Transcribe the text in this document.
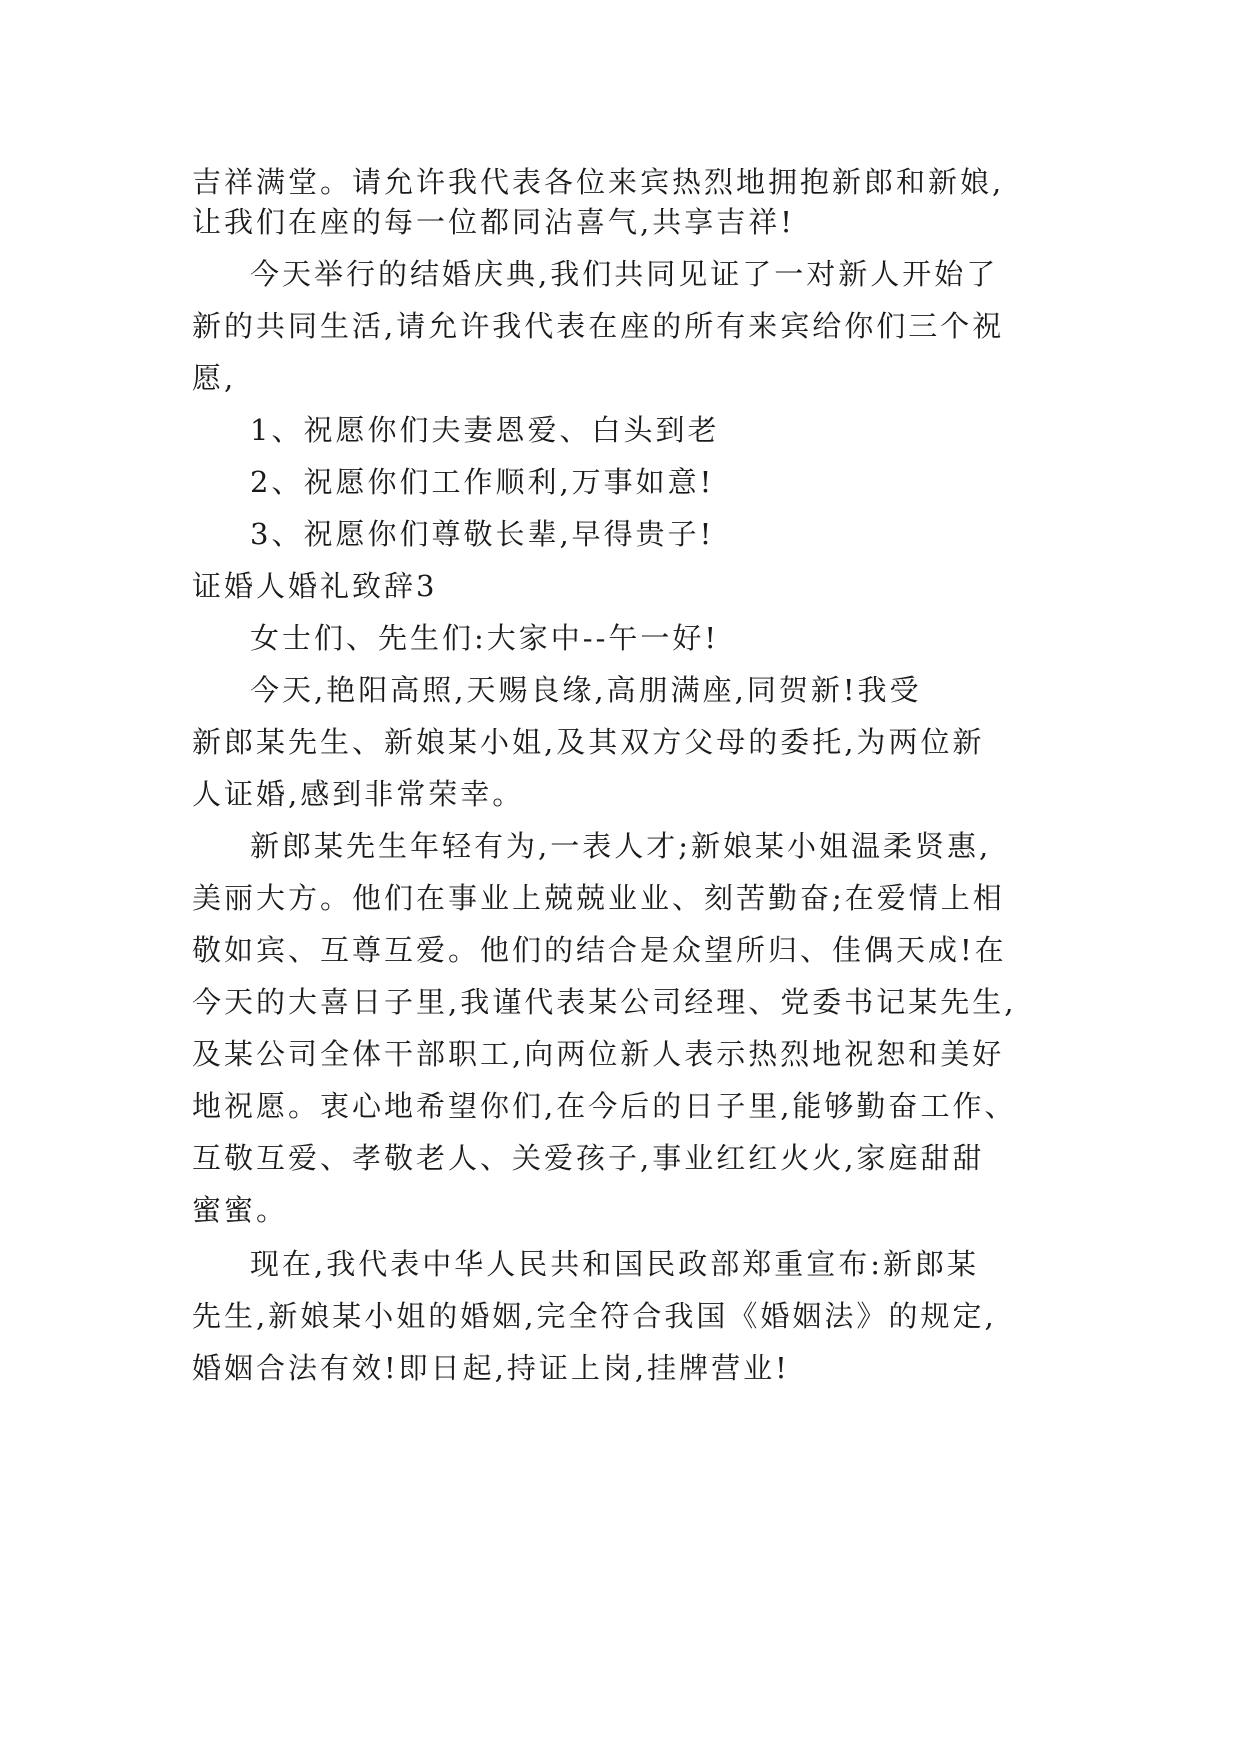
吉祥满堂。请允许我代表各位来宾热烈地拥抱新郎和新娘,
让我们在座的每一位都同沾喜气,共享吉祥!
今天举行的结婚庆典,我们共同见证了一对新人开始了
新的共同生活,请允许我代表在座的所有来宾给你们三个祝
愿,
1、祝愿你们夫妻恩爱、白头到老
2、祝愿你们工作顺利,万事如意!
3、祝愿你们尊敬长辈,早得贵子!
证婚人婚礼致辞3
女士们、先生们:大家中--午一好!
今天,艳阳高照,天赐良缘,高朋满座,同贺新!我受
新郎某先生、新娘某小姐,及其双方父母的委托,为两位新
人证婚,感到非常荣幸。
新郎某先生年轻有为,一表人才;新娘某小姐温柔贤惠,
美丽大方。他们在事业上兢兢业业、刻苦勤奋;在爱情上相
敬如宾、互尊互爱。他们的结合是众望所归、佳偶天成!在
今天的大喜日子里,我谨代表某公司经理、党委书记某先生,
及某公司全体干部职工,向两位新人表示热烈地祝恕和美好
地祝愿。衷心地希望你们,在今后的日子里,能够勤奋工作、
互敬互爱、孝敬老人、关爱孩子,事业红红火火,家庭甜甜
蜜蜜。
现在,我代表中华人民共和国民政部郑重宣布:新郎某
先生,新娘某小姐的婚姻,完全符合我国《婚姻法》的规定,
婚姻合法有效!即日起,持证上岗,挂牌营业!
